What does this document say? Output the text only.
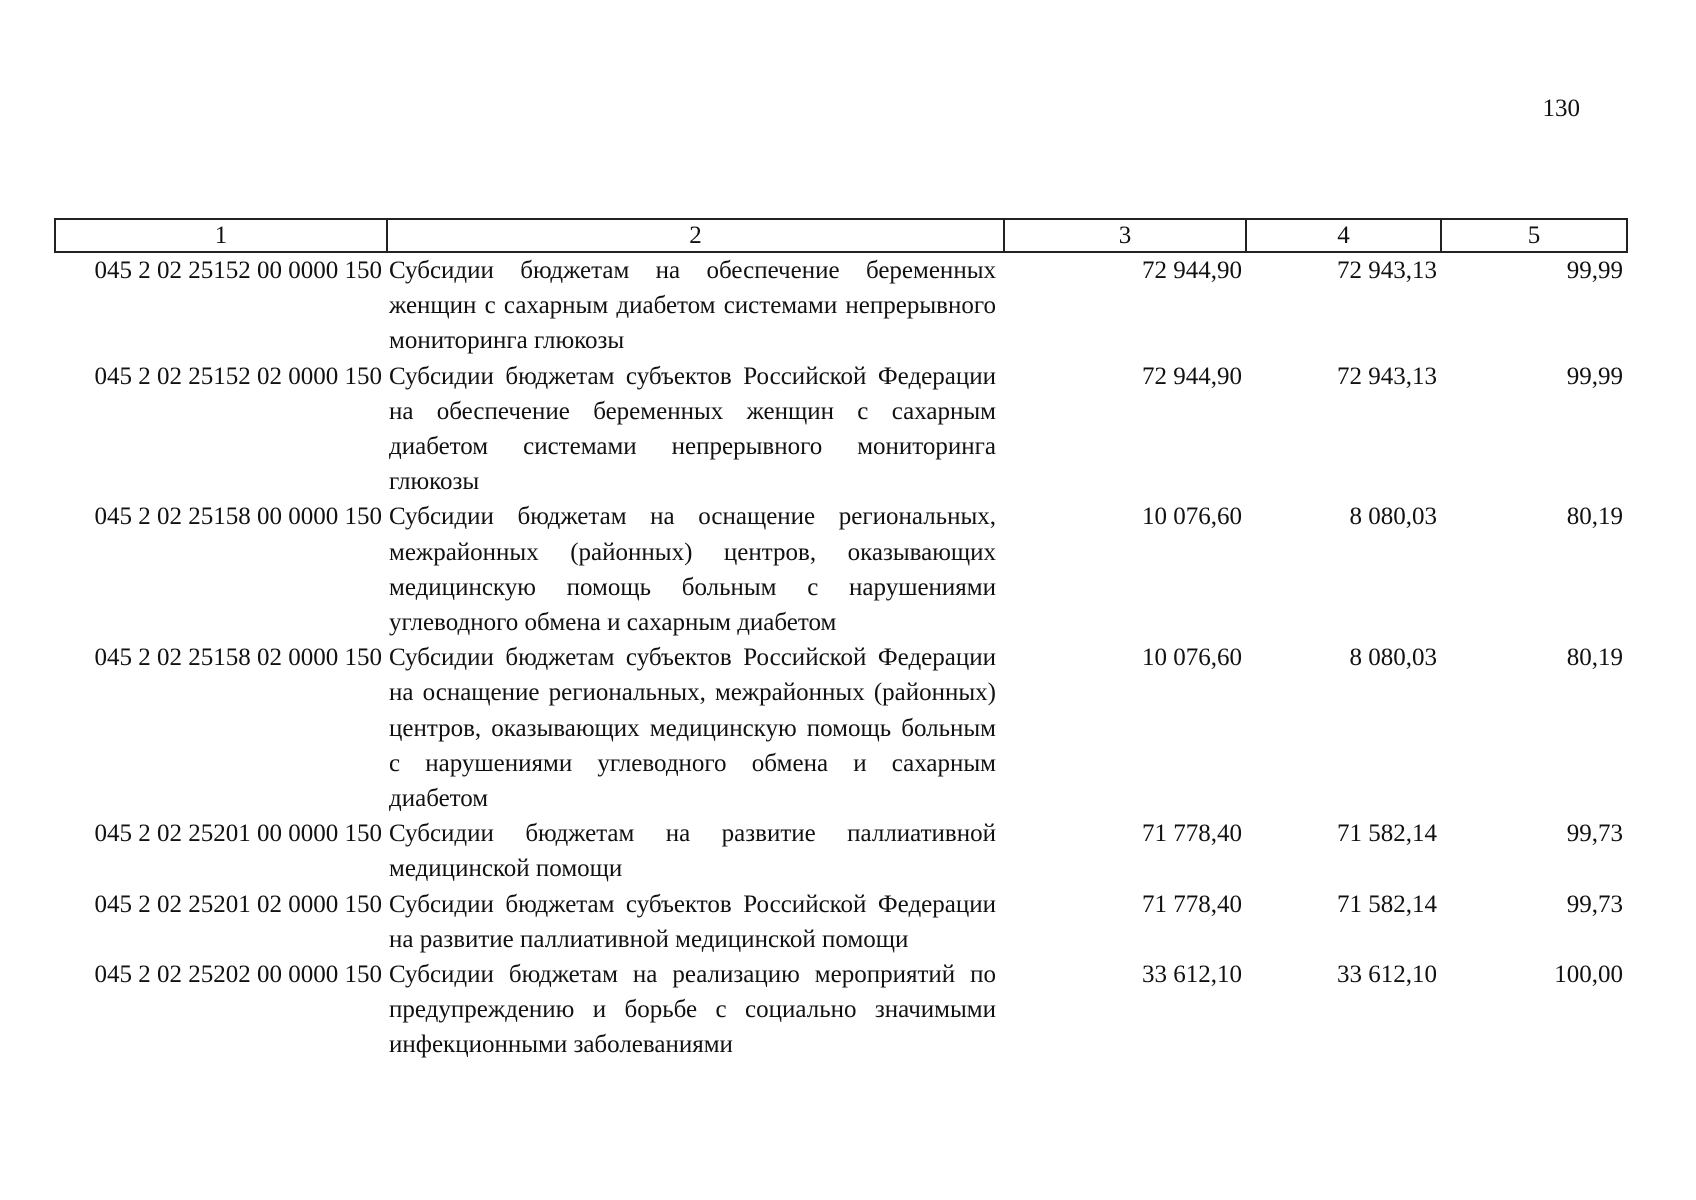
130
1	2	3	4	5
045 2 02 25152 00 0000 150	Субсидии бюджетам на обеспечение беременных женщин с сахарным диабетом системами непрерывного мониторинга глюкозы	72 944,90	72 943,13	99,99
045 2 02 25152 02 0000 150	Субсидии бюджетам субъектов Российской Федерации на обеспечение беременных женщин с сахарным диабетом системами непрерывного мониторинга глюкозы	72 944,90	72 943,13	99,99
045 2 02 25158 00 0000 150	Субсидии бюджетам на оснащение региональных, межрайонных (районных) центров, оказывающих медицинскую помощь больным с нарушениями углеводного обмена и сахарным диабетом	10 076,60	8 080,03	80,19
045 2 02 25158 02 0000 150	Субсидии бюджетам субъектов Российской Федерации на оснащение региональных, межрайонных (районных) центров, оказывающих медицинскую помощь больным с нарушениями углеводного обмена и сахарным диабетом	10 076,60	8 080,03	80,19
045 2 02 25201 00 0000 150	Субсидии бюджетам на развитие паллиативной медицинской помощи	71 778,40	71 582,14	99,73
045 2 02 25201 02 0000 150	Субсидии бюджетам субъектов Российской Федерации на развитие паллиативной медицинской помощи	71 778,40	71 582,14	99,73
045 2 02 25202 00 0000 150	Субсидии бюджетам на реализацию мероприятий по предупреждению и борьбе с социально значимыми инфекционными заболеваниями	33 612,10	33 612,10	100,00
